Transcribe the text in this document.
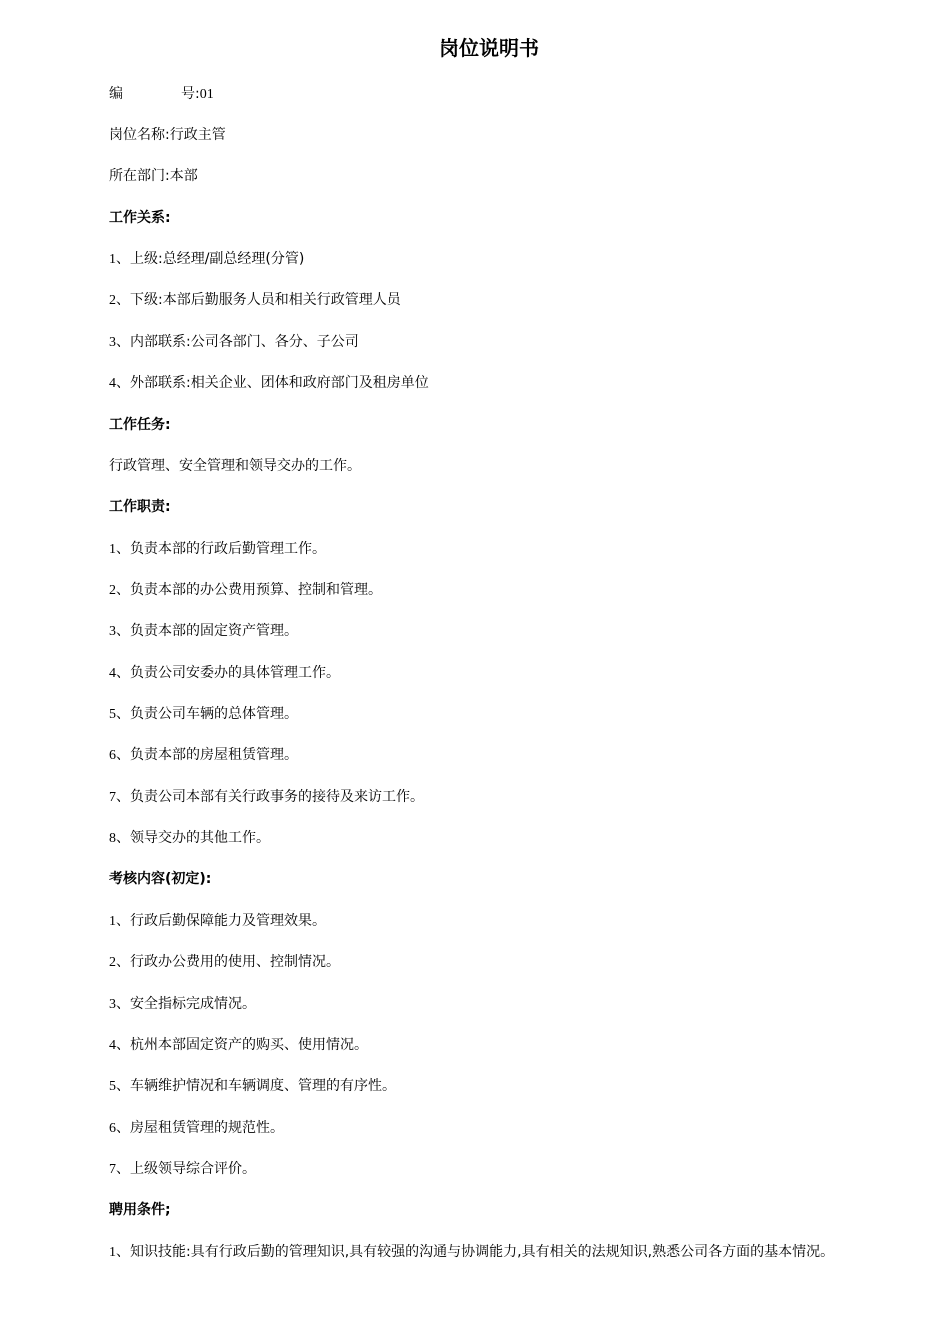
岗位说明书

编	号:01

岗位名称:行政主管

所在部门:本部

工作关系:

1、上级:总经理/副总经理(分管)

2、下级:本部后勤服务人员和相关行政管理人员

3、内部联系:公司各部门、各分、子公司

4、外部联系:相关企业、团体和政府部门及租房单位

工作任务:

行政管理、安全管理和领导交办的工作。

工作职责:

1、负责本部的行政后勤管理工作。

2、负责本部的办公费用预算、控制和管理。

3、负责本部的固定资产管理。

4、负责公司安委办的具体管理工作。

5、负责公司车辆的总体管理。

6、负责本部的房屋租赁管理。

7、负责公司本部有关行政事务的接待及来访工作。

8、领导交办的其他工作。

考核内容(初定):

1、行政后勤保障能力及管理效果。

2、行政办公费用的使用、控制情况。

3、安全指标完成情况。

4、杭州本部固定资产的购买、使用情况。

5、车辆维护情况和车辆调度、管理的有序性。

6、房屋租赁管理的规范性。

7、上级领导综合评价。

聘用条件;

1、知识技能:具有行政后勤的管理知识,具有较强的沟通与协调能力,具有相关的法规知识,熟悉公司各方面的基本情况。
